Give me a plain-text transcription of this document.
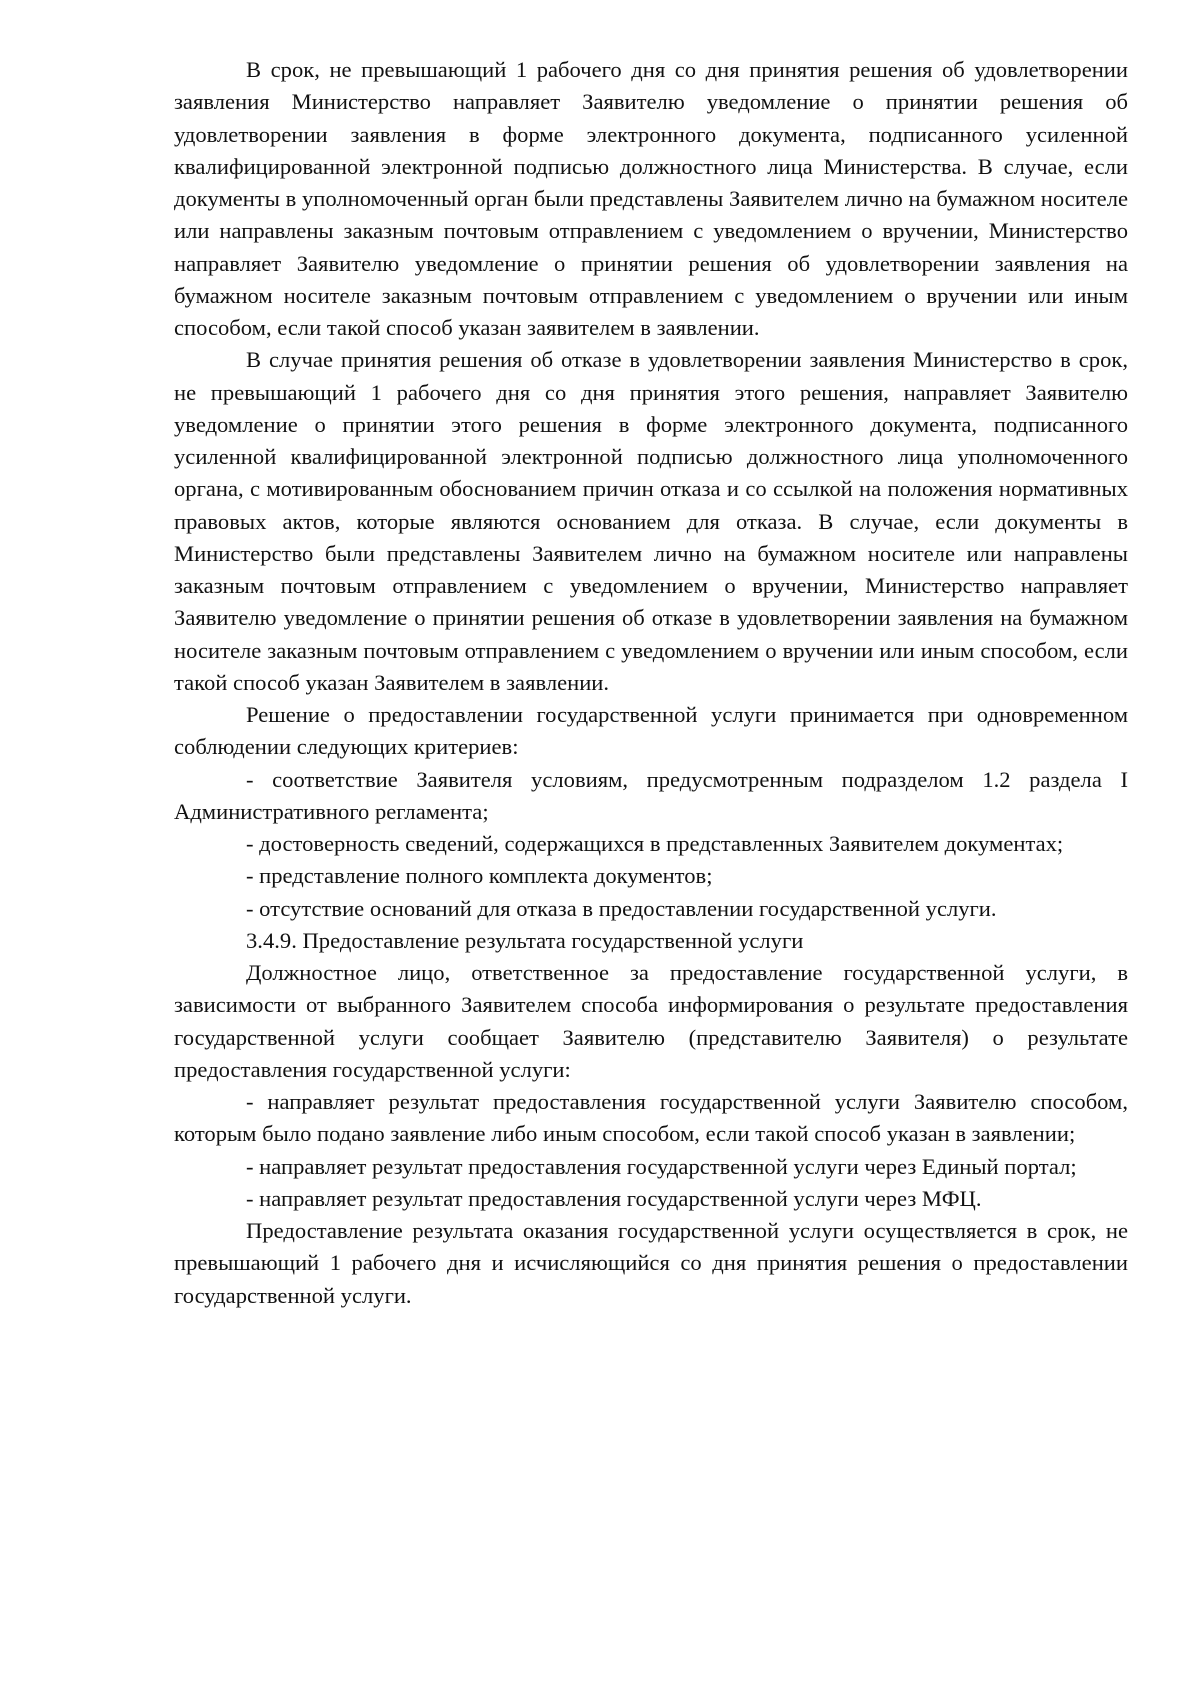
В срок, не превышающий 1 рабочего дня со дня принятия решения об удовлетворении заявления Министерство направляет Заявителю уведомление о принятии решения об удовлетворении заявления в форме электронного документа, подписанного усиленной квалифицированной электронной подписью должностного лица Министерства. В случае, если документы в уполномоченный орган были представлены Заявителем лично на бумажном носителе или направлены заказным почтовым отправлением с уведомлением о вручении, Министерство направляет Заявителю уведомление о принятии решения об удовлетворении заявления на бумажном носителе заказным почтовым отправлением с уведомлением о вручении или иным способом, если такой способ указан заявителем в заявлении.

В случае принятия решения об отказе в удовлетворении заявления Министерство в срок, не превышающий 1 рабочего дня со дня принятия этого решения, направляет Заявителю уведомление о принятии этого решения в форме электронного документа, подписанного усиленной квалифицированной электронной подписью должностного лица уполномоченного органа, с мотивированным обоснованием причин отказа и со ссылкой на положения нормативных правовых актов, которые являются основанием для отказа. В случае, если документы в Министерство были представлены Заявителем лично на бумажном носителе или направлены заказным почтовым отправлением с уведомлением о вручении, Министерство направляет Заявителю уведомление о принятии решения об отказе в удовлетворении заявления на бумажном носителе заказным почтовым отправлением с уведомлением о вручении или иным способом, если такой способ указан Заявителем в заявлении.

Решение о предоставлении государственной услуги принимается при одновременном соблюдении следующих критериев:

- соответствие Заявителя условиям, предусмотренным подразделом 1.2 раздела I Административного регламента;

- достоверность сведений, содержащихся в представленных Заявителем документах;

- представление полного комплекта документов;

- отсутствие оснований для отказа в предоставлении государственной услуги.

3.4.9. Предоставление результата государственной услуги

Должностное лицо, ответственное за предоставление государственной услуги, в зависимости от выбранного Заявителем способа информирования о результате предоставления государственной услуги сообщает Заявителю (представителю Заявителя) о результате предоставления государственной услуги:

- направляет результат предоставления государственной услуги Заявителю способом, которым было подано заявление либо иным способом, если такой способ указан в заявлении;

- направляет результат предоставления государственной услуги через Единый портал;

- направляет результат предоставления государственной услуги через МФЦ.

Предоставление результата оказания государственной услуги осуществляется в срок, не превышающий 1 рабочего дня и исчисляющийся со дня принятия решения о предоставлении государственной услуги.
